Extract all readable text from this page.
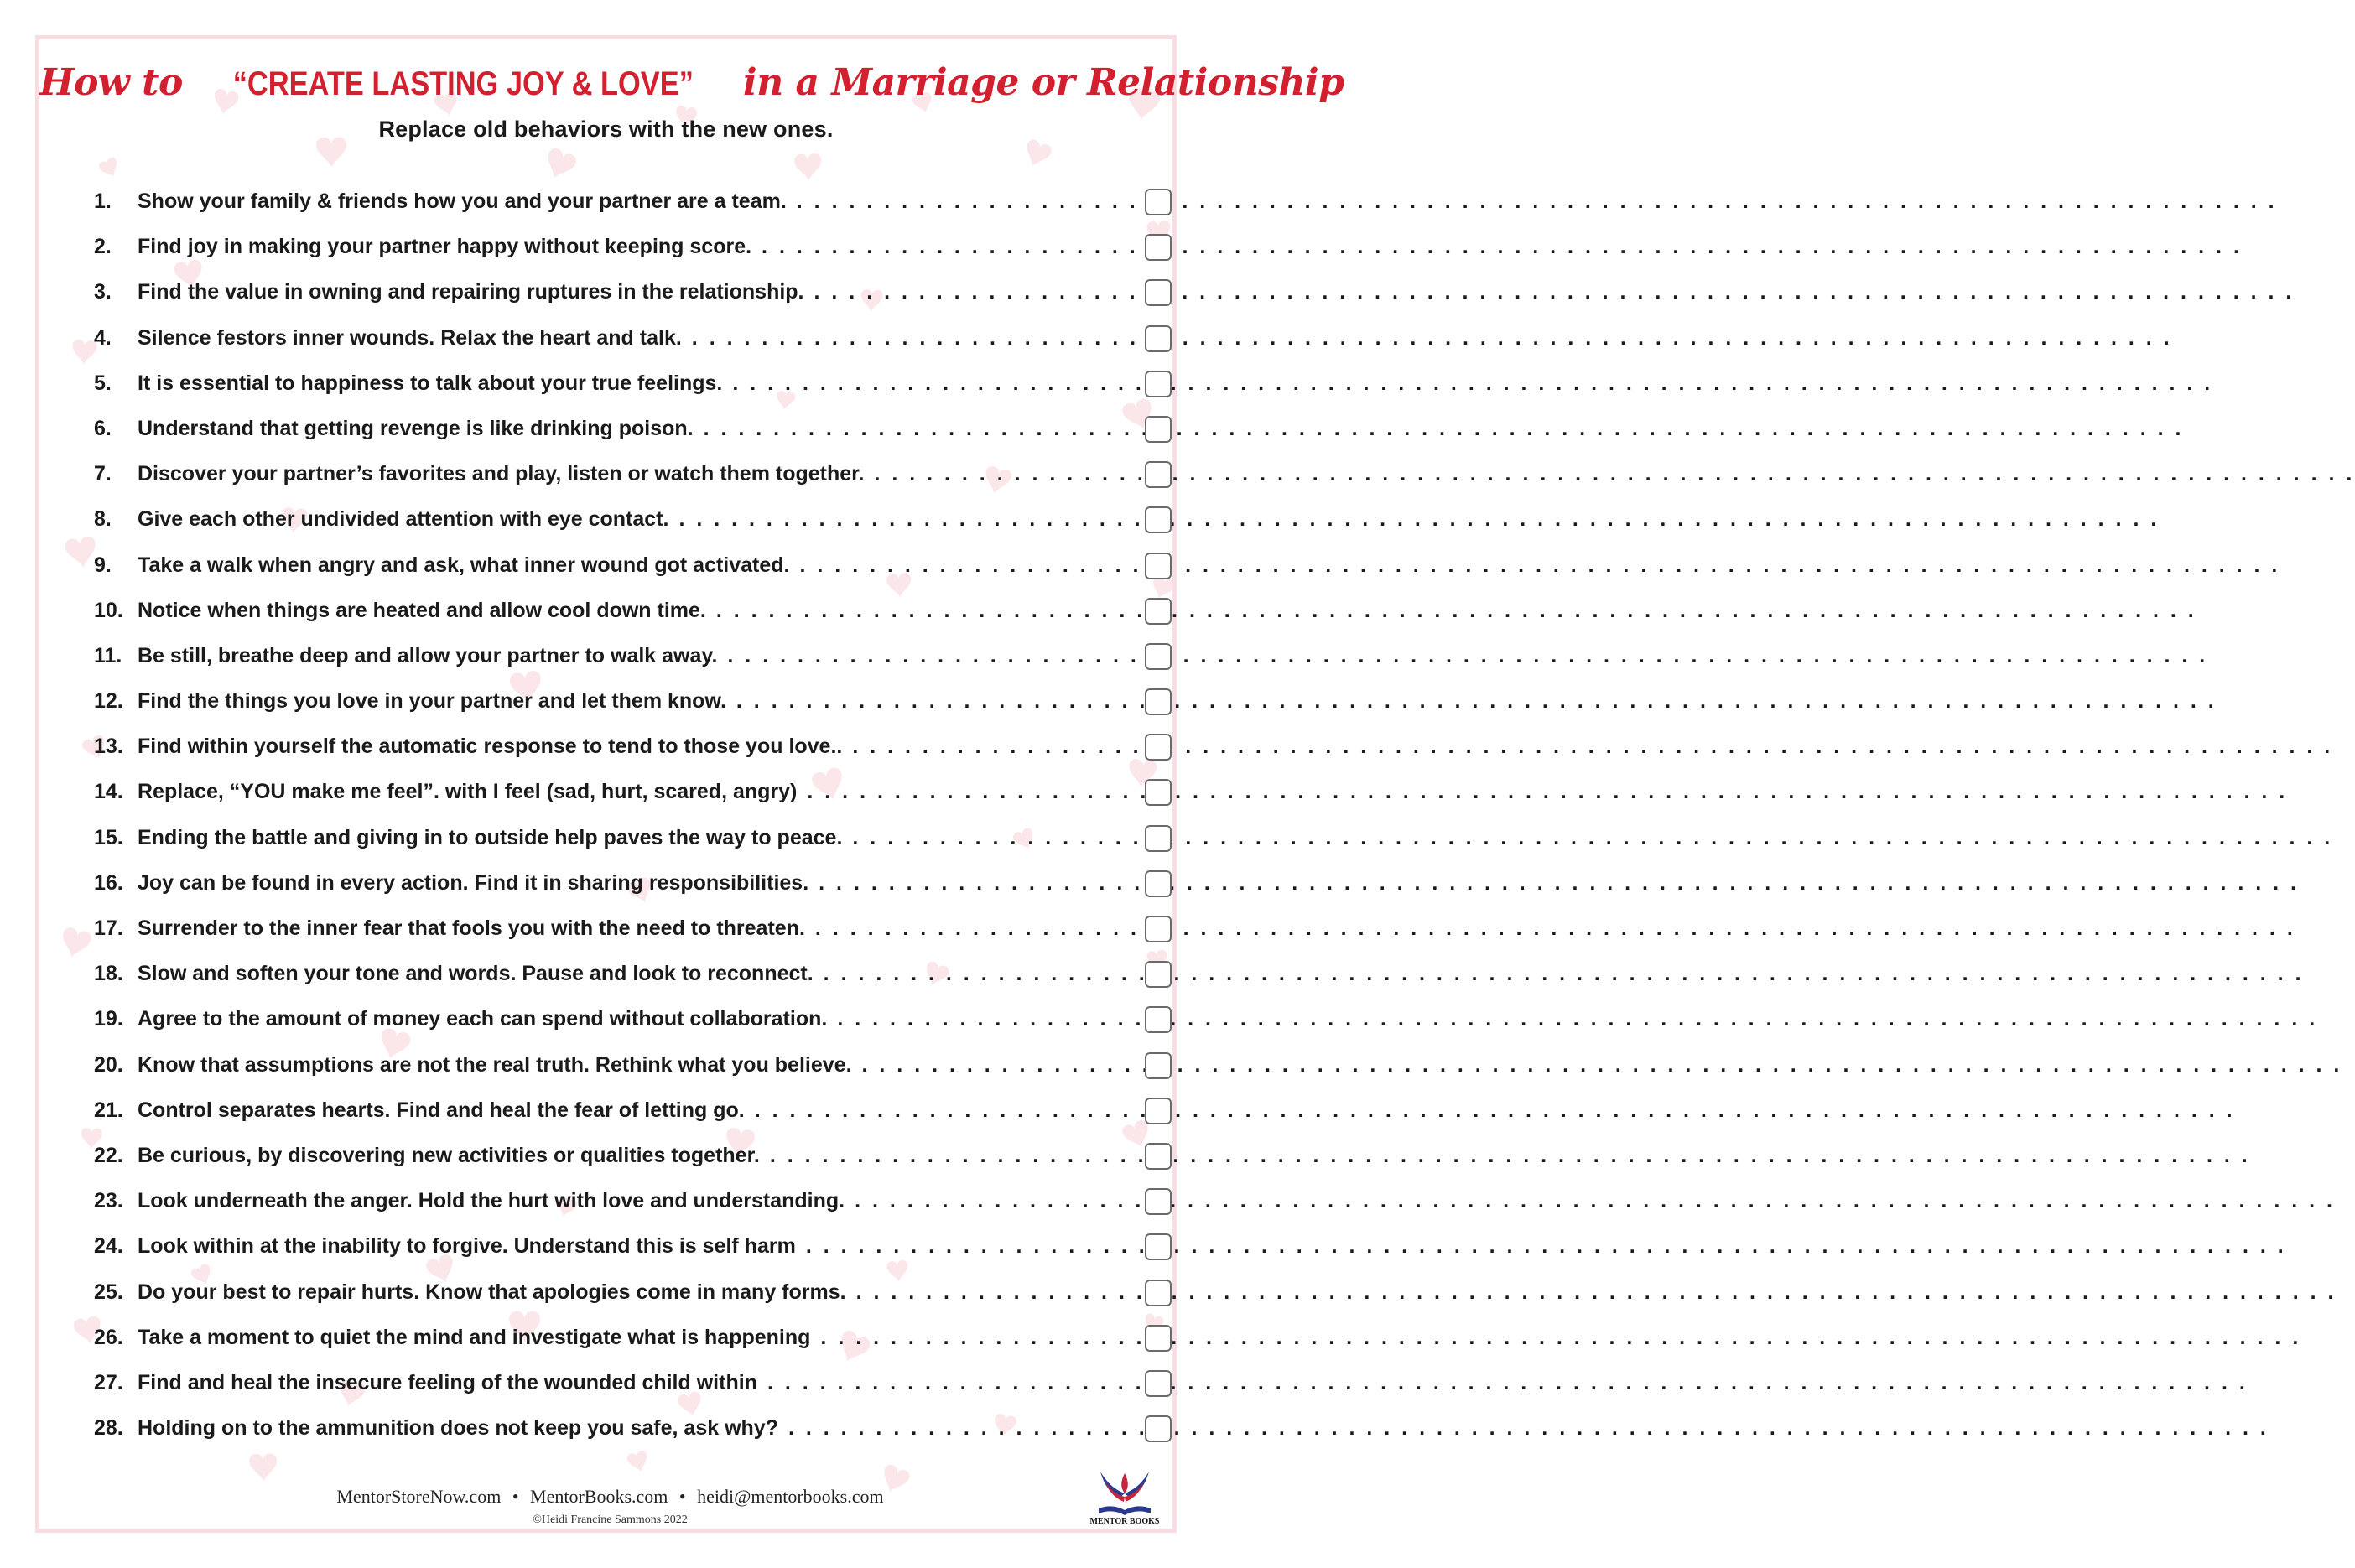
How to “CREATE LASTING JOY & LOVE” in a Marriage or Relationship
Replace old behaviors with the new ones.
1.	Show your family & friends how you and your partner are a team. . . .
2.	Find joy in making your partner happy without keeping score. . . .
3.	Find the value in owning and repairing ruptures in the relationship. . . .
4.	Silence festors inner wounds. Relax the heart and talk. . . .
5.	It is essential to happiness to talk about your true feelings. . . .
6.	Understand that getting revenge is like drinking poison. . . .
7.	Discover your partner’s favorites and play, listen or watch them together. . . .
8.	Give each other undivided attention with eye contact. . . .
9.	Take a walk when angry and ask, what inner wound got activated. . . .
10. Notice when things are heated and allow cool down time. . . .
11. Be still, breathe deep and allow your partner to walk away. . . .
12. Find the things you love in your partner and let them know. . . .
13. Find within yourself the automatic response to tend to those you love.. . . .
14. Replace, “YOU make me feel”. with I feel (sad, hurt, scared, angry) . . .
15. Ending the battle and giving in to outside help paves the way to peace. . . .
16. Joy can be found in every action. Find it in sharing responsibilities. . . .
17. Surrender to the inner fear that fools you with the need to threaten. . . .
18. Slow and soften your tone and words. Pause and look to reconnect. . . .
19. Agree to the amount of money each can spend without collaboration. . . .
20. Know that assumptions are not the real truth. Rethink what you believe. . . .
21. Control separates hearts. Find and heal the fear of letting go. . . .
22. Be curious, by discovering new activities or qualities together. . . .
23. Look underneath the anger. Hold the hurt with love and understanding. . . .
24. Look within at the inability to forgive. Understand this is self harm . . .
25. Do your best to repair hurts. Know that apologies come in many forms. . . .
26. Take a moment to quiet the mind and investigate what is happening . . .
27. Find and heal the insecure feeling of the wounded child within . . .
28. Holding on to the ammunition does not keep you safe, ask why? . . .
MentorStoreNow.com • MentorBooks.com • heidi@mentorbooks.com
©Heidi Francine Sammons 2022	MENTOR BOOKS
